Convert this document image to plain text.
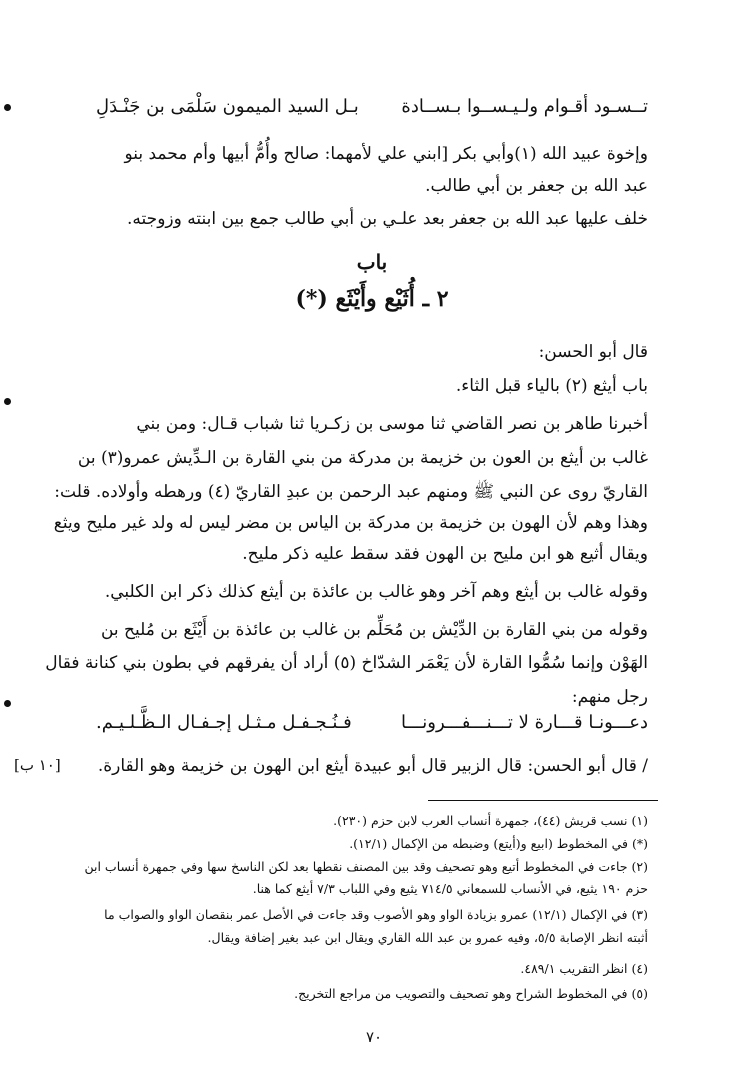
تــسـود أقـوام ولـيـســوا بـســادة
بـل السيد الميمون سَلْمَى بن جَنْـدَلِ
وإخوة عبيد الله (١)وأبي بكر [ابني علي لأمهما: صالح وأُمُّ أبيها وأم محمد بنو
عبد الله بن جعفر بن أبي طالب.
خلف عليها عبد الله بن جعفر بعد علـي بن أبي طالب جمع بين ابنته وزوجته.
باب
٢ ـ أُثَيْع وأَيْثَع (*)
قال أبو الحسن:
باب أيثع (٢) بالياء قبل الثاء.
أخبرنا طاهر بن نصر القاضي ثنا موسى بن زكـريا ثنا شباب قـال: ومن بني
غالب بن أيثع بن العون بن خزيمة بن مدركة من بني القارة بن الـدِّيش عمرو(٣) بن
القاريّ روى عن النبي ﷺ ومنهم عبد الرحمن بن عبدِ القاريّ (٤) ورهطه وأولاده. قلت:
وهذا وهم لأن الهون بن خزيمة بن مدركة بن الياس بن مضر ليس له ولد غير مليح ويثع
ويقال أثيع هو ابن مليح بن الهون فقد سقط عليه ذكر مليح.
وقوله غالب بن أيثع وهم آخر وهو غالب بن عائذة بن أيثع كذلك ذكر ابن الكلبي.
وقوله من بني القارة بن الدِّيْش بن مُحَلِّم بن غالب بن عائذة بن أَيْثَع بن مُليح بن
الهَوْن وإنما سُمُّوا القارة لأن يَعْمَر الشدّاخ (٥) أراد أن يفرقهم في بطون بني كنانة فقال
رجل منهم:
دعـــونـا قـــارة لا تـــنـــفـــرونـــا
فـنُـجـفـل مـثـل إجـفـال الـظَّـلـيـم.
/ قال أبو الحسن: قال الزبير قال أبو عبيدة أيثع ابن الهون بن خزيمة وهو القارة.
[١٠ ب]
(١) نسب قريش (٤٤)، جمهرة أنساب العرب لابن حزم (٢٣٠).
(*) في المخطوط (ابيع و(أيتع) وضبطه من الإكمال (١٢/١).
(٢) جاءت في المخطوط أتيع وهو تصحيف وقد بين المصنف نقطها بعد لكن الناسخ سها وفي جمهرة أنساب ابن
حزم ١٩٠ يثيع، في الأنساب للسمعاني ٧١٤/٥ يثيع وفي اللباب ٧/٣ أيثع كما هنا.
(٣) في الإكمال (١٢/١) عمرو بزيادة الواو وهو الأصوب وقد جاءت في الأصل عمر بنقصان الواو والصواب ما
أثبته انظر الإصابة ٥/٥، وفيه عمرو بن عبد الله القاري ويقال ابن عبد بغير إضافة ويقال.
(٤) انظر التقريب ٤٨٩/١.
(٥) في المخطوط الشراح وهو تصحيف والتصويب من مراجع التخريج.
٧٠
